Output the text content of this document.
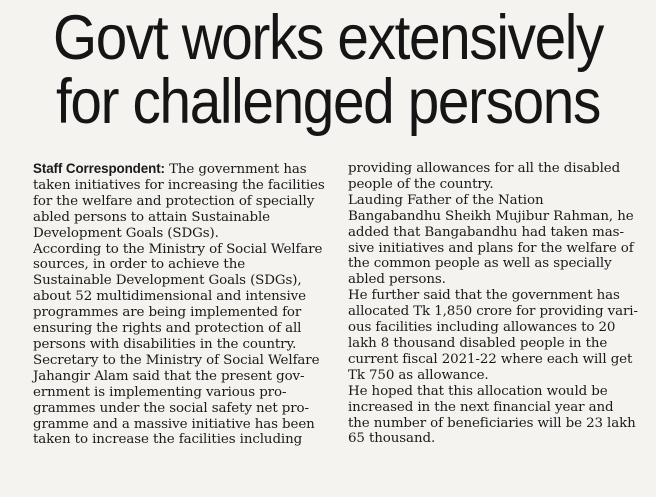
Govt works extensively
for challenged persons
Staff Correspondent: The government has
taken initiatives for increasing the facilities
for the welfare and protection of specially
abled persons to attain Sustainable
Development Goals (SDGs).
According to the Ministry of Social Welfare
sources, in order to achieve the
Sustainable Development Goals (SDGs),
about 52 multidimensional and intensive
programmes are being implemented for
ensuring the rights and protection of all
persons with disabilities in the country.
Secretary to the Ministry of Social Welfare
Jahangir Alam said that the present gov-
ernment is implementing various pro-
grammes under the social safety net pro-
gramme and a massive initiative has been
taken to increase the facilities including
providing allowances for all the disabled
people of the country.
Lauding Father of the Nation
Bangabandhu Sheikh Mujibur Rahman, he
added that Bangabandhu had taken mas-
sive initiatives and plans for the welfare of
the common people as well as specially
abled persons.
He further said that the government has
allocated Tk 1,850 crore for providing vari-
ous facilities including allowances to 20
lakh 8 thousand disabled people in the
current fiscal 2021-22 where each will get
Tk 750 as allowance.
He hoped that this allocation would be
increased in the next financial year and
the number of beneficiaries will be 23 lakh
65 thousand.
